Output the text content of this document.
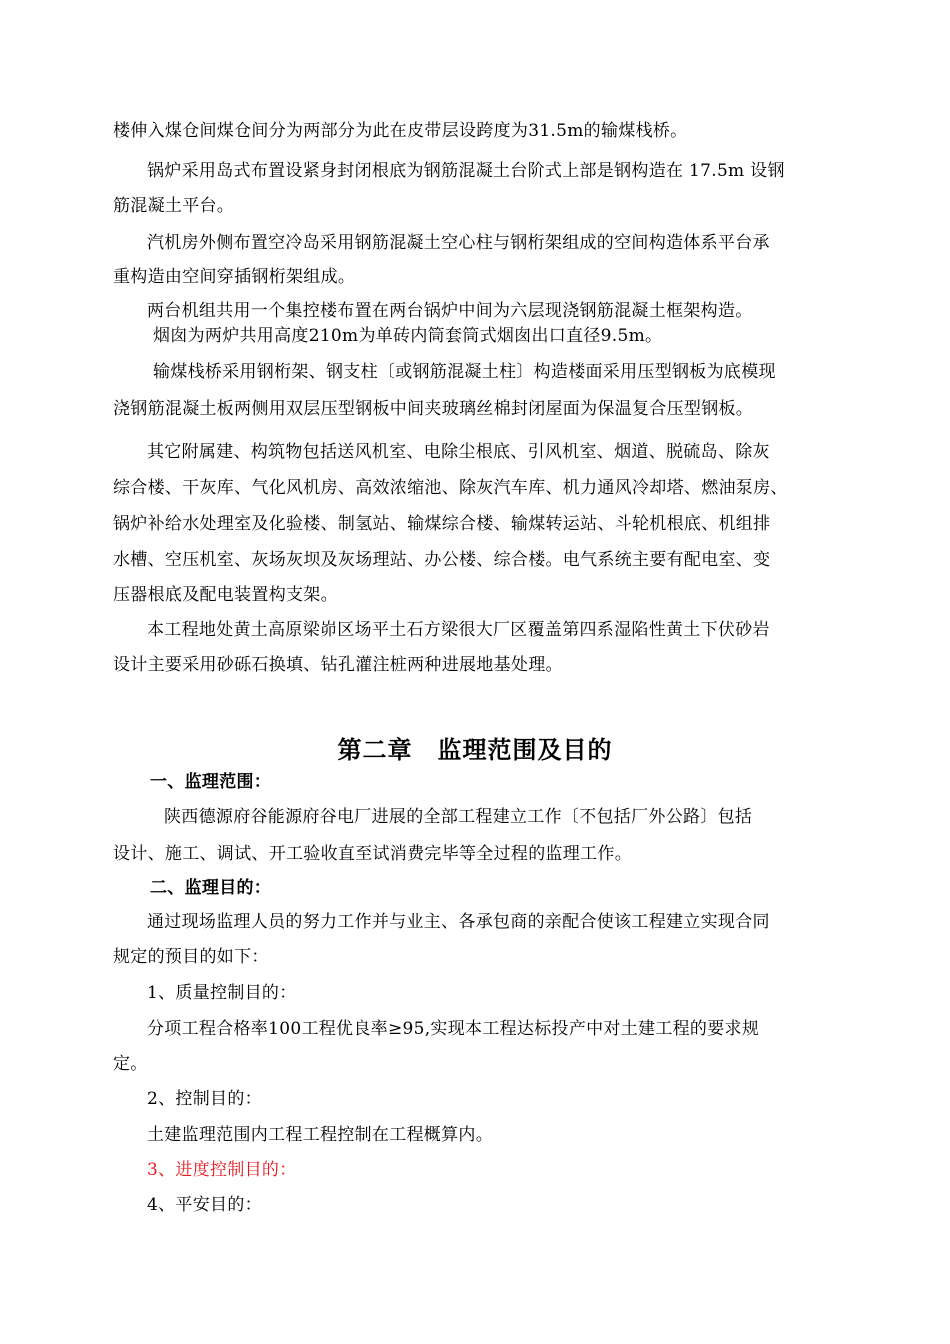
楼伸入煤仓间煤仓间分为两部分为此在皮带层设跨度为31.5m的输煤栈桥。
锅炉采用岛式布置设紧身封闭根底为钢筋混凝土台阶式上部是钢构造在 17.5m 设钢
筋混凝土平台。
汽机房外侧布置空冷岛采用钢筋混凝土空心柱与钢桁架组成的空间构造体系平台承
重构造由空间穿插钢桁架组成。
两台机组共用一个集控楼布置在两台锅炉中间为六层现浇钢筋混凝土框架构造。
烟囱为两炉共用高度210m为单砖内筒套筒式烟囱出口直径9.5m。
输煤栈桥采用钢桁架、钢支柱〔或钢筋混凝土柱〕构造楼面采用压型钢板为底模现
浇钢筋混凝土板两侧用双层压型钢板中间夹玻璃丝棉封闭屋面为保温复合压型钢板。
其它附属建、构筑物包括送风机室、电除尘根底、引风机室、烟道、脱硫岛、除灰
综合楼、干灰库、气化风机房、高效浓缩池、除灰汽车库、机力通风冷却塔、燃油泵房、
锅炉补给水处理室及化验楼、制氢站、输煤综合楼、输煤转运站、斗轮机根底、机组排
水槽、空压机室、灰场灰坝及灰场理站、办公楼、综合楼。电气系统主要有配电室、变
压器根底及配电装置构支架。
本工程地处黄土高原梁峁区场平土石方梁很大厂区覆盖第四系湿陷性黄土下伏砂岩
设计主要采用砂砾石换填、钻孔灌注桩两种进展地基处理。
第二章　监理范围及目的
一、监理范围：
陕西德源府谷能源府谷电厂进展的全部工程建立工作〔不包括厂外公路〕包括
设计、施工、调试、开工验收直至试消费完毕等全过程的监理工作。
二、监理目的：
通过现场监理人员的努力工作并与业主、各承包商的亲配合使该工程建立实现合同
规定的预目的如下：
1、质量控制目的：
分项工程合格率100工程优良率≥95,实现本工程达标投产中对土建工程的要求规
定。
2、控制目的：
土建监理范围内工程工程控制在工程概算内。
3、进度控制目的：
4、平安目的：
